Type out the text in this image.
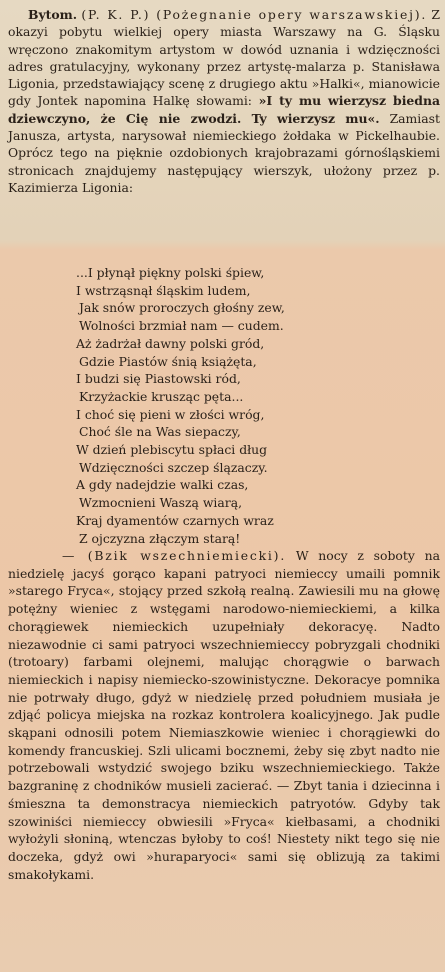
Bytom. (P. K. P.) (Pożegnanie opery warszawskiej). Z okazyi pobytu wielkiej opery miasta Warszawy na G. Śląsku wręczono znakomitym artystom w dowód uznania i wdzięczności adres gratulacyjny, wykonany przez artystę-malarza p. Stanisława Ligonia, przedstawiający scenę z drugiego aktu »Halki«, mianowicie gdy Jontek napomina Halkę słowami: »I ty mu wierzysz biedna dziewczyno, że Cię nie zwodzi. Ty wierzysz mu«. Zamiast Janusza, artysta, narysował niemieckiego żołdaka w Pickelhaubie. Oprócz tego na pięknie ozdobionych krajobrazami górnośląskiemi stronicach znajdujemy następujący wierszyk, ułożony przez p. Kazimierza Ligonia:

...I płynął piękny polski śpiew,
I wstrząsnął śląskim ludem,
Jak snów proroczych głośny zew,
Wolności brzmiał nam — cudem.
Aż żadrżał dawny polski gród,
Gdzie Piastów śnią książęta,
I budzi się Piastowski ród,
Krzyżackie krusząc pęta...
I choć się pieni w złości wróg,
Choć śle na Was siepaczy,
W dzień plebiscytu spłaci dług
Wdzięczności szczep ślązaczy.
A gdy nadejdzie walki czas,
Wzmocnieni Waszą wiarą,
Kraj dyamentów czarnych wraz
Z ojczyzna złączym starą!

— (Bzik wszechniemiecki). W nocy z soboty na niedzielę jacyś gorąco kapani patryoci niemieccy umaili pomnik »starego Fryca«, stojący przed szkołą realną. Zawiesili mu na głowę potężny wieniec z wstęgami narodowo-niemieckiemi, a kilka chorągiewek niemieckich uzupełniały dekoracyę. Nadto niezawodnie ci sami patryoci wszechniemieccy pobryzgali chodniki (trotoary) farbami olejnemi, malując chorągwie o barwach niemieckich i napisy niemiecko-szowinistyczne. Dekoracye pomnika nie potrwały długo, gdyż w niedzielę przed południem musiała je zdjąć policya miejska na rozkaz kontrolera koalicyjnego. Jak pudle skąpani odnosili potem Niemiaszkowie wieniec i chorągiewki do komendy francuskiej. Szli ulicami bocznemi, żeby się zbyt nadto nie potrzebowali wstydzić swojego bziku wszechniemieckiego. Także bazgraninę z chodników musieli zacierać. — Zbyt tania i dziecinna i śmieszna ta demonstracya niemieckich patryotów. Gdyby tak szowiniści niemieccy obwiesili »Fryca« kiełbasami, a chodniki wyłożyli słoniną, wtenczas byłoby to coś! Niestety nikt tego się nie doczeka, gdyż owi »huraparyoci« sami się oblizują za takimi smakołykami.
